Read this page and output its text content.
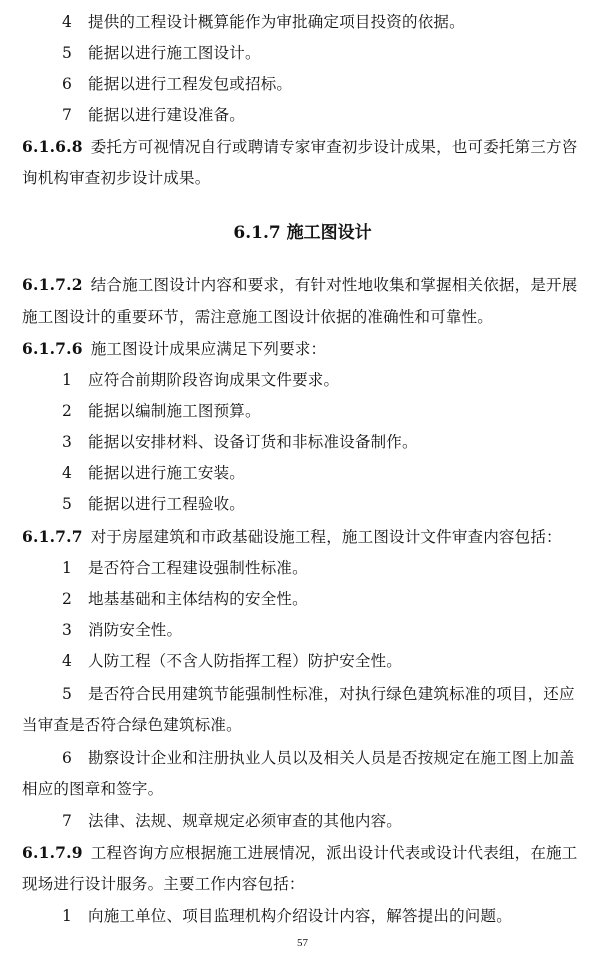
4 提供的工程设计概算能作为审批确定项目投资的依据。
5 能据以进行施工图设计。
6 能据以进行工程发包或招标。
7 能据以进行建设准备。
6.1.6.8 委托方可视情况自行或聘请专家审查初步设计成果，也可委托第三方咨
询机构审查初步设计成果。
6.1.7 施工图设计
6.1.7.2 结合施工图设计内容和要求，有针对性地收集和掌握相关依据，是开展
施工图设计的重要环节，需注意施工图设计依据的准确性和可靠性。
6.1.7.6 施工图设计成果应满足下列要求：
1 应符合前期阶段咨询成果文件要求。
2 能据以编制施工图预算。
3 能据以安排材料、设备订货和非标准设备制作。
4 能据以进行施工安装。
5 能据以进行工程验收。
6.1.7.7 对于房屋建筑和市政基础设施工程，施工图设计文件审查内容包括：
1 是否符合工程建设强制性标准。
2 地基基础和主体结构的安全性。
3 消防安全性。
4 人防工程（不含人防指挥工程）防护安全性。
5 是否符合民用建筑节能强制性标准，对执行绿色建筑标准的项目，还应
当审查是否符合绿色建筑标准。
6 勘察设计企业和注册执业人员以及相关人员是否按规定在施工图上加盖
相应的图章和签字。
7 法律、法规、规章规定必须审查的其他内容。
6.1.7.9 工程咨询方应根据施工进展情况，派出设计代表或设计代表组，在施工
现场进行设计服务。主要工作内容包括：
1 向施工单位、项目监理机构介绍设计内容，解答提出的问题。
57
